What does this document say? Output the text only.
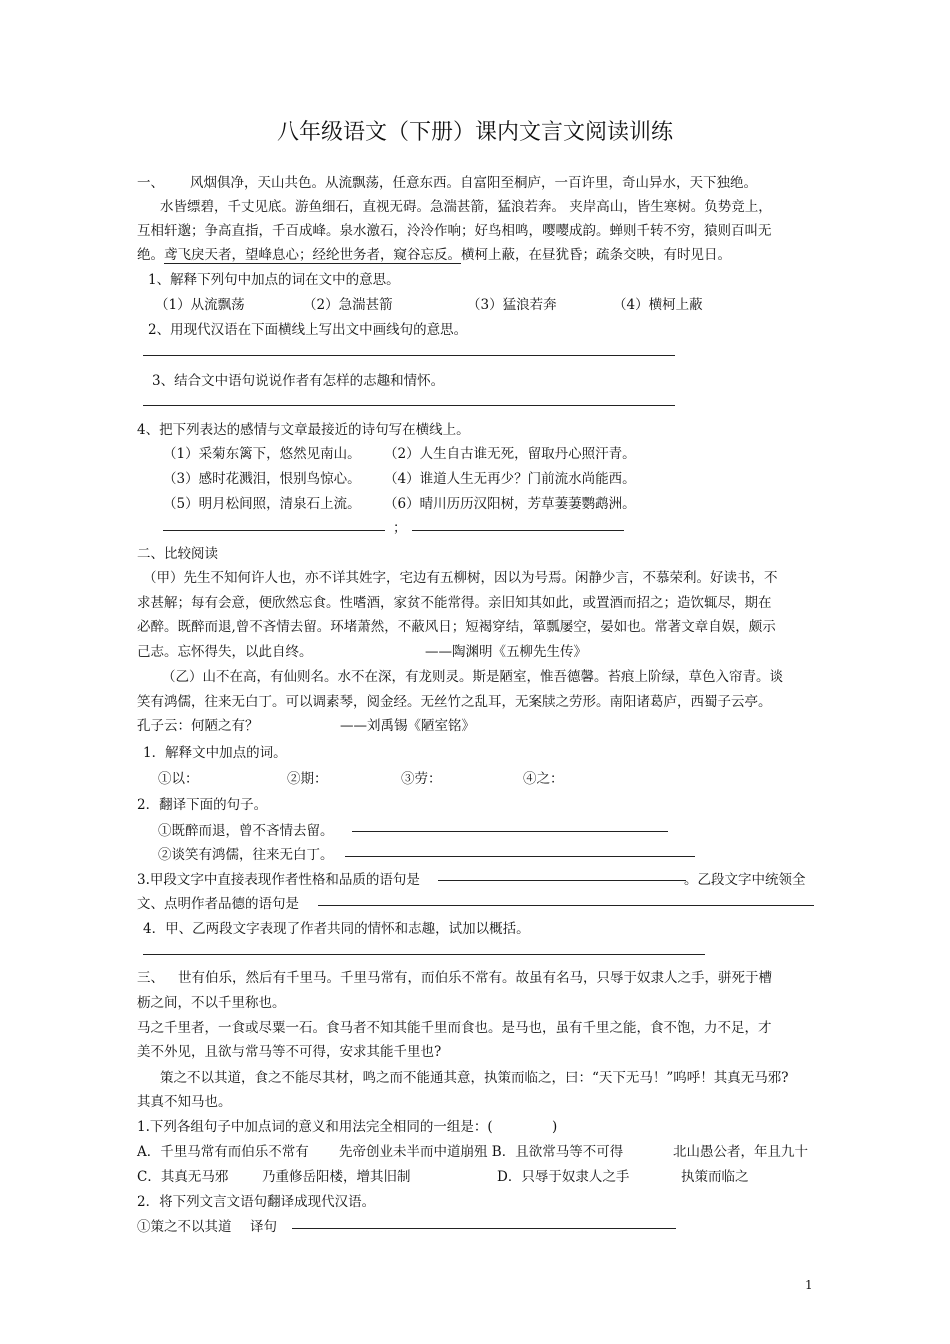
八年级语文（下册）课内文言文阅读训练
一、 风烟俱净，天山共色。从流飘荡，任意东西。自富阳至桐庐，一百许里，奇山异水，天下独绝。
水皆缥碧，千丈见底。游鱼细石，直视无碍。急湍甚箭，猛浪若奔。 夹岸高山，皆生寒树。负势竞上，
互相轩邈；争高直指，千百成峰。泉水激石，泠泠作响；好鸟相鸣，嘤嘤成韵。蝉则千转不穷，猿则百叫无
绝。鸢飞戾天者，望峰息心；经纶世务者，窥谷忘反。横柯上蔽，在昼犹昏；疏条交映，有时见日。
1、解释下列句中加点的词在文中的意思。
（1）从流飘荡	（2）急湍甚箭	（3）猛浪若奔	（4）横柯上蔽
2、用现代汉语在下面横线上写出文中画线句的意思。
3、结合文中语句说说作者有怎样的志趣和情怀。
4、把下列表达的感情与文章最接近的诗句写在横线上。
（1）采菊东篱下，悠然见南山。 （2）人生自古谁无死，留取丹心照汗青。
（3）感时花溅泪，恨别鸟惊心。 （4）谁道人生无再少？门前流水尚能西。
（5）明月松间照，清泉石上流。 （6）晴川历历汉阳树，芳草萋萋鹦鹉洲。
；
二、比较阅读
（甲）先生不知何许人也，亦不详其姓字，宅边有五柳树，因以为号焉。闲静少言，不慕荣利。好读书，不
求甚解；每有会意，便欣然忘食。性嗜酒，家贫不能常得。亲旧知其如此，或置酒而招之；造饮辄尽，期在
必醉。既醉而退,曾不吝情去留。环堵萧然，不蔽风日；短褐穿结，箪瓢屡空，晏如也。常著文章自娱，颇示
己志。忘怀得失，以此自终。	——陶渊明《五柳先生传》
（乙）山不在高，有仙则名。水不在深，有龙则灵。斯是陋室，惟吾德馨。苔痕上阶绿，草色入帘青。谈
笑有鸿儒，往来无白丁。可以调素琴，阅金经。无丝竹之乱耳，无案牍之劳形。南阳诸葛庐，西蜀子云亭。
孔子云：何陋之有？	——刘禹锡《陋室铭》
1．解释文中加点的词。
①以：	②期：	③劳：	④之：
2．翻译下面的句子。
①既醉而退，曾不吝情去留。
②谈笑有鸿儒，往来无白丁。
3.甲段文字中直接表现作者性格和品质的语句是	。乙段文字中统领全
文、点明作者品德的语句是
4．甲、乙两段文字表现了作者共同的情怀和志趣，试加以概括。
三、 世有伯乐，然后有千里马。千里马常有，而伯乐不常有。故虽有名马，只辱于奴隶人之手，骈死于槽
枥之间，不以千里称也。
马之千里者，一食或尽粟一石。食马者不知其能千里而食也。是马也，虽有千里之能，食不饱，力不足，才
美不外见，且欲与常马等不可得，安求其能千里也?
策之不以其道，食之不能尽其材，鸣之而不能通其意，执策而临之，曰：“天下无马！”呜呼！其真无马邪?
其真不知马也。
1.下列各组句子中加点词的意义和用法完全相同的一组是：(	)
A．千里马常有而伯乐不常有 先帝创业未半而中道崩殂 B．且欲常马等不可得	北山愚公者，年且九十
C．其真无马邪 乃重修岳阳楼，增其旧制	D．只辱于奴隶人之手	执策而临之
2．将下列文言文语句翻译成现代汉语。
①策之不以其道 译句
1
